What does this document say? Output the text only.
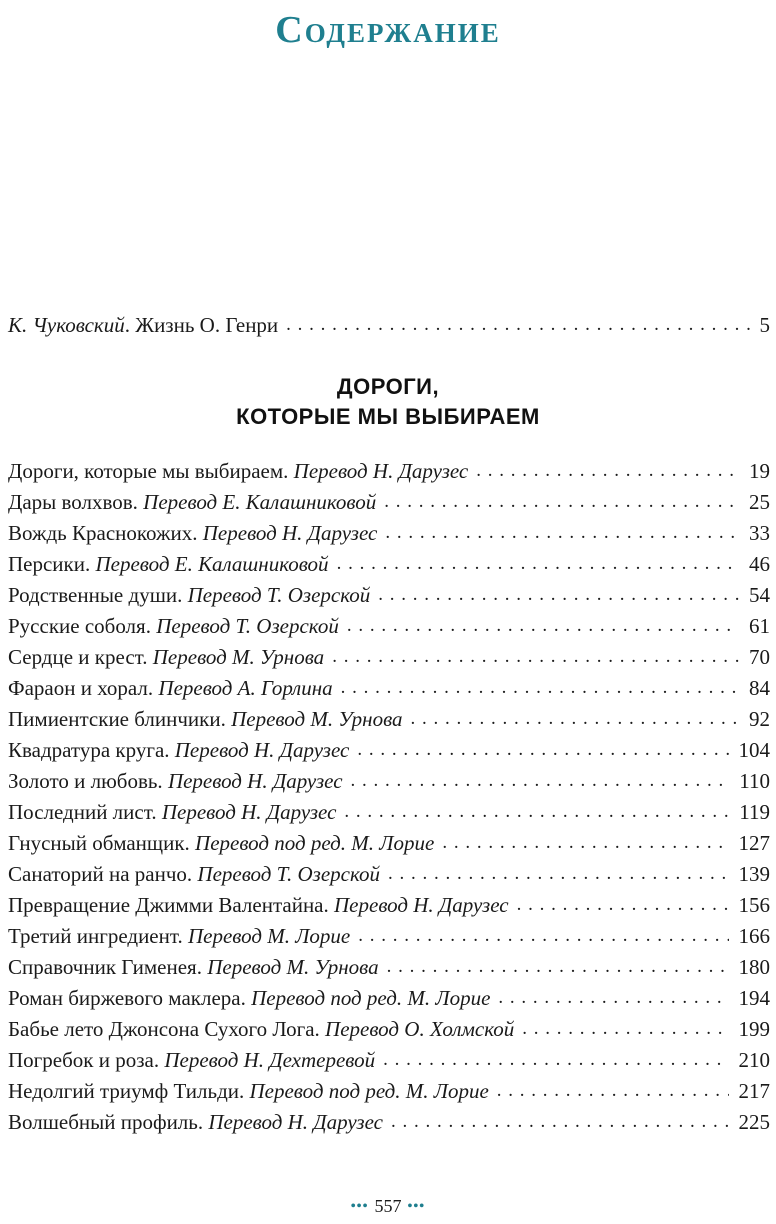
Содержание
К. Чуковский. Жизнь О. Генри . . .	5
ДОРОГИ,
КОТОРЫЕ МЫ ВЫБИРАЕМ
Дороги, которые мы выбираем. Перевод Н. Дарузес . . .	19
Дары волхвов. Перевод Е. Калашниковой . . .	25
Вождь Краснокожих. Перевод Н. Дарузес . . .	33
Персики. Перевод Е. Калашниковой . . .	46
Родственные души. Перевод Т. Озерской . . .	54
Русские соболя. Перевод Т. Озерской . . .	61
Сердце и крест. Перевод М. Урнова . . .	70
Фараон и хорал. Перевод А. Горлина . . .	84
Пимиентские блинчики. Перевод М. Урнова . . .	92
Квадратура круга. Перевод Н. Дарузес . . .	104
Золото и любовь. Перевод Н. Дарузес . . .	110
Последний лист. Перевод Н. Дарузес . . .	119
Гнусный обманщик. Перевод под ред. М. Лорие . . .	127
Санаторий на ранчо. Перевод Т. Озерской . . .	139
Превращение Джимми Валентайна. Перевод Н. Дарузес . . .	156
Третий ингредиент. Перевод М. Лорие . . .	166
Справочник Гименея. Перевод М. Урнова . . .	180
Роман биржевого маклера. Перевод под ред. М. Лорие . . .	194
Бабье лето Джонсона Сухого Лога. Перевод О. Холмской . . .	199
Погребок и роза. Перевод Н. Дехтеревой . . .	210
Недолгий триумф Тильди. Перевод под ред. М. Лорие . . .	217
Волшебный профиль. Перевод Н. Дарузес . . .	225
••• 557 •••
